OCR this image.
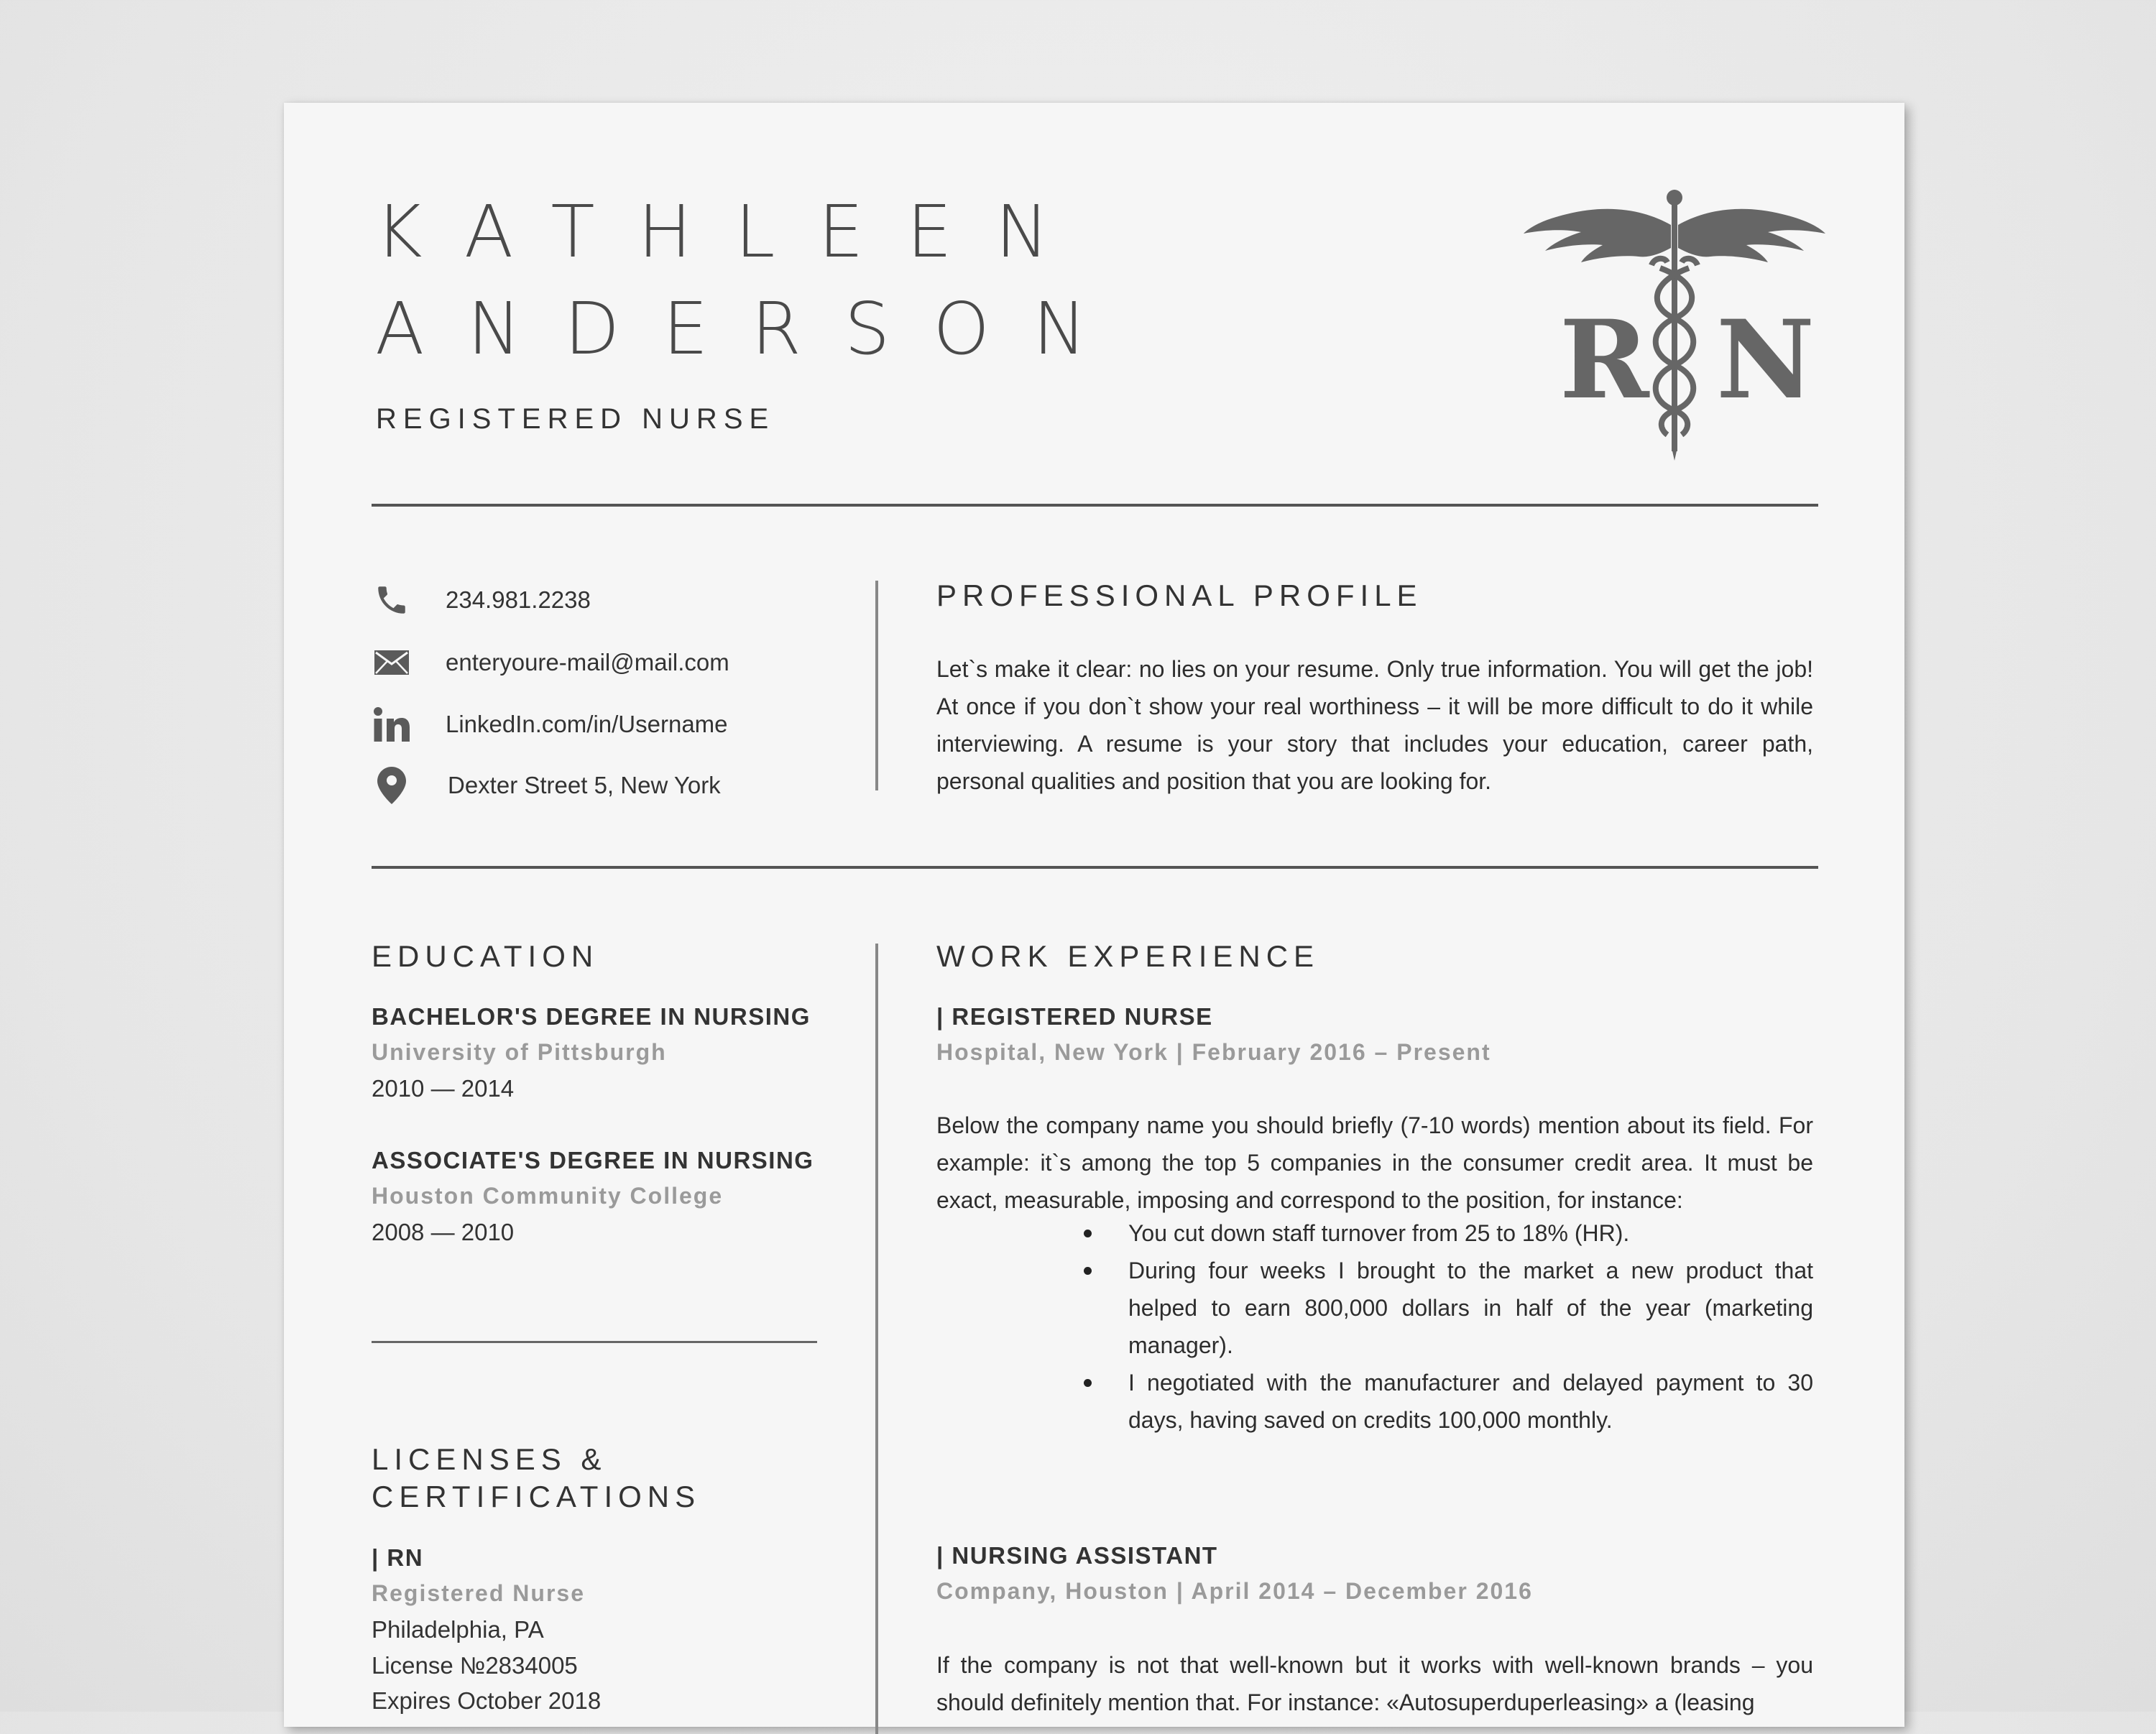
KATHLEEN
ANDERSON
REGISTERED NURSE	R N
234.981.2238
enteryoure-mail@mail.com
LinkedIn.com/in/Username
Dexter Street 5, New York
PROFESSIONAL PROFILE
Let`s make it clear: no lies on your resume. Only true information. You will get the job! At once if you don`t show your real worthiness – it will be more difficult to do it while interviewing. A resume is your story that includes your education, career path, personal qualities and position that you are looking for.
EDUCATION
BACHELOR'S DEGREE IN NURSING
University of Pittsburgh
2010 — 2014
ASSOCIATE'S DEGREE IN NURSING
Houston Community College
2008 — 2010
LICENSES &
CERTIFICATIONS
| RN
Registered Nurse
Philadelphia, PA
License №2834005
Expires October 2018
WORK EXPERIENCE
| REGISTERED NURSE
Hospital, New York | February 2016 – Present
Below the company name you should briefly (7-10 words) mention about its field. For example: it`s among the top 5 companies in the consumer credit area. It must be exact, measurable, imposing and correspond to the position, for instance:
You cut down staff turnover from 25 to 18% (HR).
During four weeks I brought to the market a new product that helped to earn 800,000 dollars in half of the year (marketing manager).
I negotiated with the manufacturer and delayed payment to 30 days, having saved on credits 100,000 monthly.
| NURSING ASSISTANT
Company, Houston | April 2014 – December 2016
If the company is not that well-known but it works with well-known brands – you should definitely mention that. For instance: «Autosuperduperleasing» a (leasing
